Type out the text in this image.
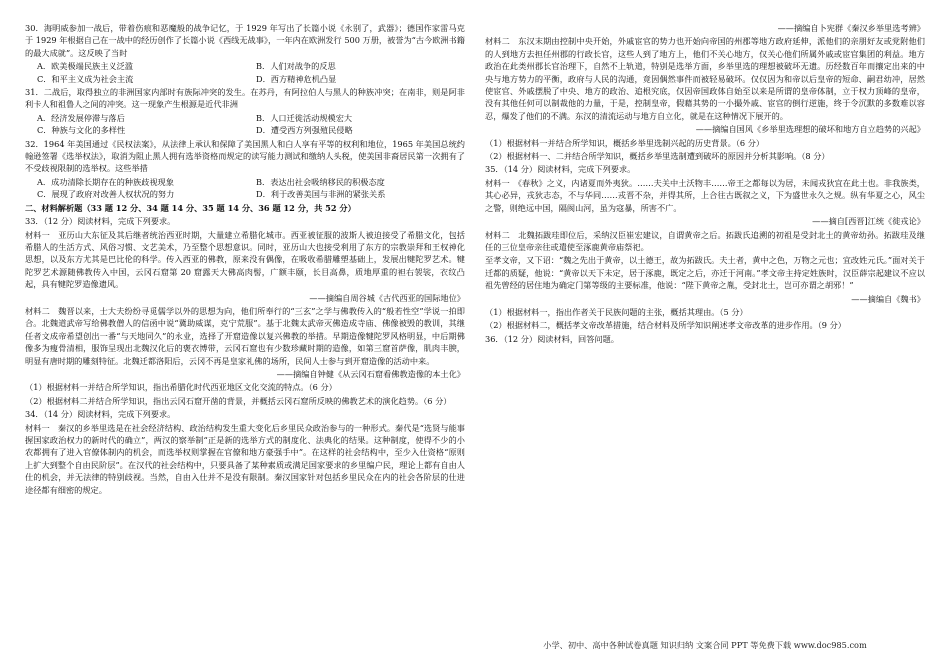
30．海明威参加一战后，带着伤痕和恶魔般的战争记忆，于 1929 年写出了长篇小说《永别了，武器》；德国作家雷马克于 1929 年根据自己在一战中的经历创作了长篇小说《西线无战事》，一年内在欧洲发行 500 万册，被誉为“古今欧洲书籍的最大成就”。这反映了当时

A．欧美极端民族主义泛滥	B．人们对战争的反思
C．和平主义成为社会主流	D．西方精神危机凸显

31．二战后，取得独立的非洲国家内部时有族际冲突的发生。在苏丹，有阿拉伯人与黑人的种族冲突；在南非，则是阿非利卡人和祖鲁人之间的冲突。这一现象产生根源是近代非洲

A．经济发展停滞与落后	B．人口迁徙活动规模宏大
C．种族与文化的多样性	D．遭受西方列强殖民侵略

32．1964 年美国通过《民权法案》，从法律上承认和保障了美国黑人和白人享有平等的权利和地位，1965 年美国总统约翰逊签署《选举权法》，取消为阻止黑人拥有选举资格而规定的读写能力测试和缴纳人头税，使美国非裔居民第一次拥有了不受歧视限制的选举权。这些举措

A．成功清除长期存在的种族歧视现象	B．表达出社会吸纳移民的积极态度
C．展现了政府对改善人权状况的努力	D．利于改善美国与非洲的紧张关系

二、材料解析题（33 题 12 分、34 题 14 分、35 题 14 分、36 题 12 分，共 52 分）

33．（12 分）阅读材料，完成下列要求。

材料一　亚历山大东征及其后继者统治西亚时期，大量建立希腊化城市。西亚被征服的波斯人被迫接受了希腊文化，包括希腊人的生活方式、风俗习惯、文艺美术，乃至整个思想意识。同时，亚历山大也接受利用了东方的宗教崇拜和王权神化思想，以及东方尤其是巴比伦的科学。传入西亚的佛教，原来没有偶像，在吸收希腊雕塑基础上，发展出犍陀罗艺术。犍陀罗艺术源随佛教传入中国，云冈石窟第 20 窟露天大佛高肉髻，广额丰颐，长目高鼻，质地厚重的袒右袈裟，衣纹凸起，具有犍陀罗造像遗风。

——摘编自周谷城《古代西亚的国际地位》

材料二　魏晋以来，士大夫纷纷寻觅儒学以外的思想为向，他们所奉行的“三玄”之学与佛教传入的“般若性空”学说一拍即合。北魏道武帝写给佛教僧人的信函中说“冀助威谋，克宁荒服”。基于北魏太武帝灭佛造成寺庙、佛像被毁的教训，其继任者文成帝希望创出一番“与天地同久”的永业，选择了开窟造像以复兴佛教的举措。早期造像犍陀罗风格明显，中后期佛像多为瘦骨清相，服饰呈现出北魏汉化后的褒衣博带，云冈石窟也有少数珍藏时期的造像，如第三窟首萨像，肌肉丰腴，明显有唐时期的雕刻特征。北魏迁都洛阳后，云冈不再是皇家礼佛的场所，民间人士参与到开窟造像的活动中来。

——摘编自钟健《从云冈石窟看佛教造像的本土化》

（1）根据材料一并结合所学知识，指出希腊化时代西亚地区文化交流的特点。（6 分）

（2）根据材料二并结合所学知识，指出云冈石窟开凿的背景，并概括云冈石窟所反映的佛教艺术的演化趋势。（6 分）

34．（14 分）阅读材料，完成下列要求。

材料一　秦汉的乡举里选是在社会经济结构、政治结构发生重大变化后乡里民众政治参与的一种形式。秦代是“选贤与能事握国家政治权力的新时代的确立”，两汉的察举制“正是新的选举方式的制度化、法典化的结果。这种制度，使得不少的小农都拥有了进入官僚体制内的机会，而选举权则掌握在官僚和地方豪强手中”。在这样的社会结构中，至少入仕资格“原则上扩大到整个自由民阶层”。在汉代的社会结构中，只要具备了某种素质或满足国家要求的乡里编户民，理论上都有自由人仕的机会，并无法律的特别歧视。当然，自由入仕并不是没有限制。秦汉国家针对包括乡里民众在内的社会各阶层的仕进途径都有细密的规定。

——摘编自卜宪群《秦汉乡举里选考辨》

材料二　东汉末期由控制中央开始，外戚宦官的势力也开始向帝国的州郡等地方政府延伸，派他们的亲朋好友或党附他们的人到地方去担任州郡的行政长官，这些人到了地方上，他们不关心地方，仅关心他们所属外戚或宦官集团的利益。地方政治在此类州郡长官治理下，自然不上轨道，特别是选举方面，乡举里选的理想被破坏无遗。历经数百年而攘定出来的中央与地方势力的平衡，政府与人民的沟通，竟因偶然事件而被轻易破坏。仅仅因为和帝以后皇帝的短命、嗣君幼冲，居然使宦官、外戚摆脱了中央、地方的政治、追根究底，仅因帝国政体自始至以来是所谓的皇帝体制，立于权力顶峰的皇帝，没有其他任何可以制裁他的力量，于是，控制皇帝，假藉其势的一小撮外戚、宦官的倒行逆施，终于令沉默的多数难以容忍，爆发了他们的不满。东汉的清流运动与地方自立化，就是在这种情况下展开的。

——摘编自国风《乡举里选理想的破坏和地方自立趋势的兴起》

（1）根据材料一并结合所学知识，概括乡举里选制兴起的历史背景。（6 分）

（2）根据材料一、二并结合所学知识，概括乡举里选制遭到破坏的原因并分析其影响。（8 分）

35．（14 分）阅读材料，完成下列要求。

材料一　《春秋》之义，内诸夏而外夷狄。……夫关中土沃物丰……帝王之都每以为居，未闻戎狄宜在此土也。非我族类，其心必异，戎狄志态，不与华同……戎晋不杂，并得其所，上合往古既叙之义，下为盛世永久之规。纵有华夏之心，风尘之警，则绝远中国，隔阂山河，虽为寇暴，所害不广。

——摘自[西晋]江统《徙戎论》

材料二　北魏拓跋珪即位后，采纳汉臣崔宏建议，自谓黄帝之后。拓跋氏追溯的初祖是受封北土的黄帝幼孙。拓跋珪及继任的三位皇帝亲往或遣使至涿鹿黄帝庙祭祀。

至孝文帝，又下诏：“魏之先出于黄帝，以土德王，故为拓跋氏。夫土者，黄中之色，万物之元也；宜改姓元氏。”面对关于迁都的质疑，他说：“黄帝以天下未定，居于涿鹿，既定之后，亦迁于河南。”孝文帝主持定姓族时，汉臣薛宗起建议不应以祖先曾经的居住地为确定门第等级的主要标准，他说：“陛下黄帝之胤，受封北土，岂可亦谓之胡邪！”

——摘编自《魏书》

（1）根据材料一，指出作者关于民族问题的主张，概括其理由。（5 分）

（2）根据材料二，概括孝文帝改革措施，结合材料及所学知识阐述孝文帝改革的进步作用。（9 分）

36．（12 分）阅读材料，回答问题。

小学、初中、高中各种试卷真题 知识归纳 文案合同 PPT 等免费下载 www.doc985.com
